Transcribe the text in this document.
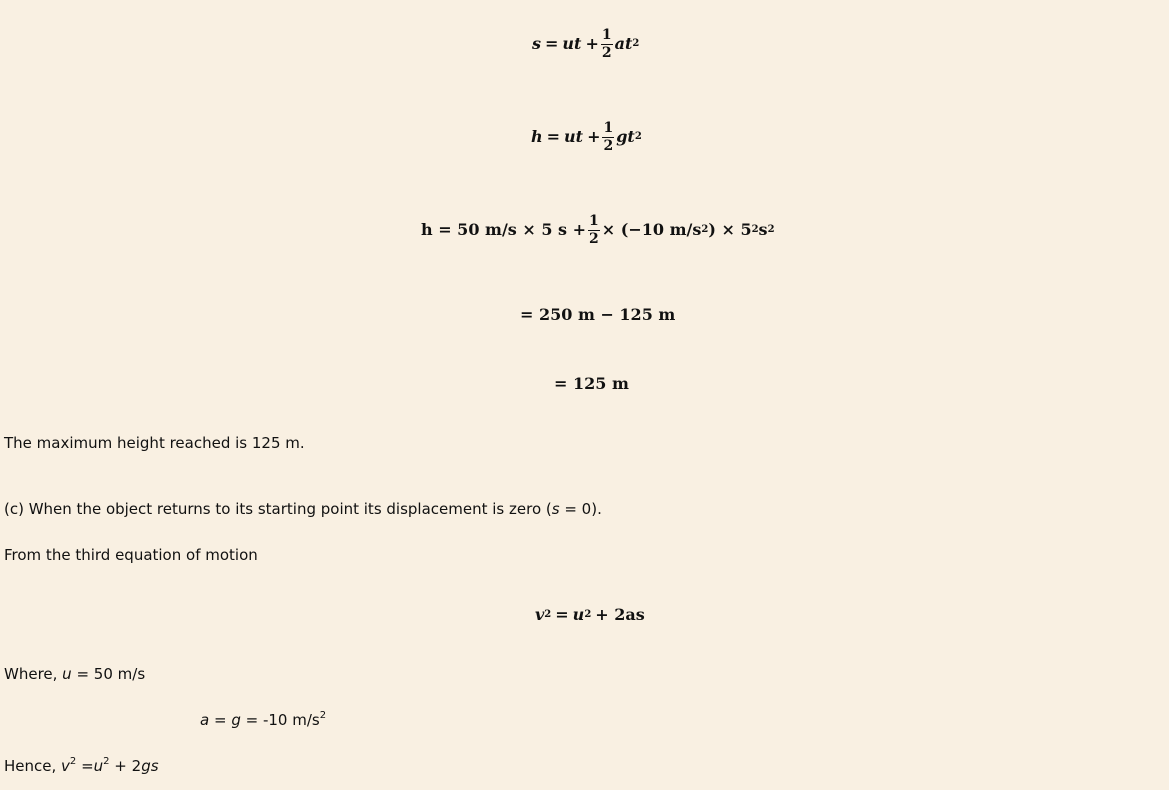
s = ut + $\frac{1}{2}$ at 2
h = ut + $\frac{1}{2}$ gt 2
h = 50 m/s × 5 $s + \frac{1}{2} \times (-10$ m/s 2 ) × 5 2 s 2
= 250 m − 125 m
= 125 m
The maximum height reached is 125 m.
(c) When the object returns to its starting point its displacement is zero (s = 0).
From the third equation of motion
v 2 = u 2 + 2as
Where, u = 50 m/s
a = g = -10 $m/s^2$
Hence, $v^2 =u^2 + 2gs$
